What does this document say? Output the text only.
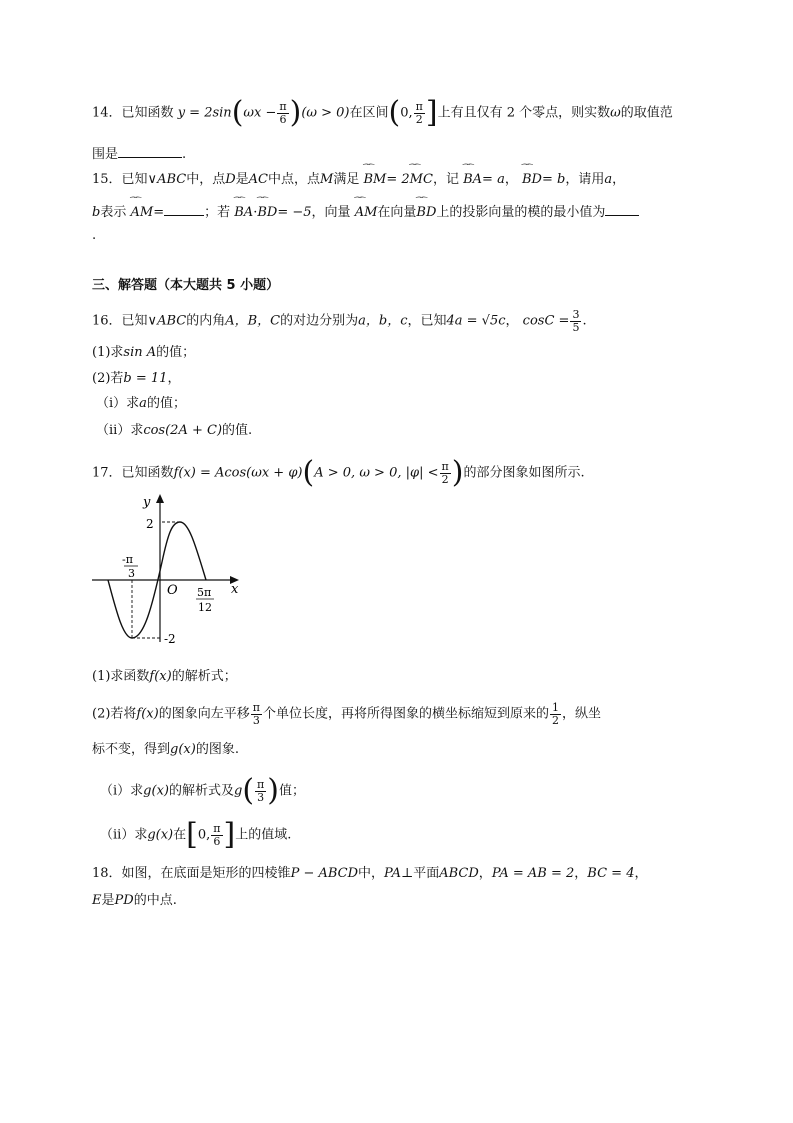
14．已知函数 $y = 2\sin(\omega x - \frac{\pi}{6} )(\omega > 0)$在区间(0, $\frac{\pi}{2}$ ]上有且仅有 2 个零点，则实数ω的取值范
围是	.
15．已知∨ABC中，点D是AC中点，点M满足 ‿‿ BM= 2‿‿ MC，记 ‿‿ BA= a， ‿‿ BD= b，请用a，
b表示 ‿‿ AM=	；若 ‿‿ BA·‿‿ BD= −5，向量 ‿‿ AM在向量‿‿ BD上的投影向量的模的最小值为
.
三、解答题（本大题共 5 小题）
16．已知∨ABC的内角A，B，C的对边分别为a，b，c，已知4a = √5c， $\cos C = \frac{3}{5}$ .
(1)求sin A的值；
(2)若b = 11，
（i）求a的值；
（ii）求cos(2A + C)的值.
17．已知函数f(x) = Acos(ωx + φ)(A > 0, ω > 0, $|\varphi| < \frac{\pi}{2}$ )的部分图象如图所示.
y
x
O
2
-2
-π
3
5π
12
(1)求函数f(x)的解析式；
(2)若将f(x)的图象向左平移 $\frac{\pi}{3}$ 个单位长度，再将所得图象的横坐标缩短到原来的 $\frac{1}{2}$ ，纵坐
标不变，得到g(x)的图象.
（i）求g(x)的解析式及$g( \frac{\pi}{3}$ )值；
（ii）求g(x)在[0, $\frac{\pi}{6}$ ]上的值域.
18．如图，在底面是矩形的四棱锥P − ABCD中，PA⊥平面ABCD，PA = AB = 2，BC = 4，
E是PD的中点.
